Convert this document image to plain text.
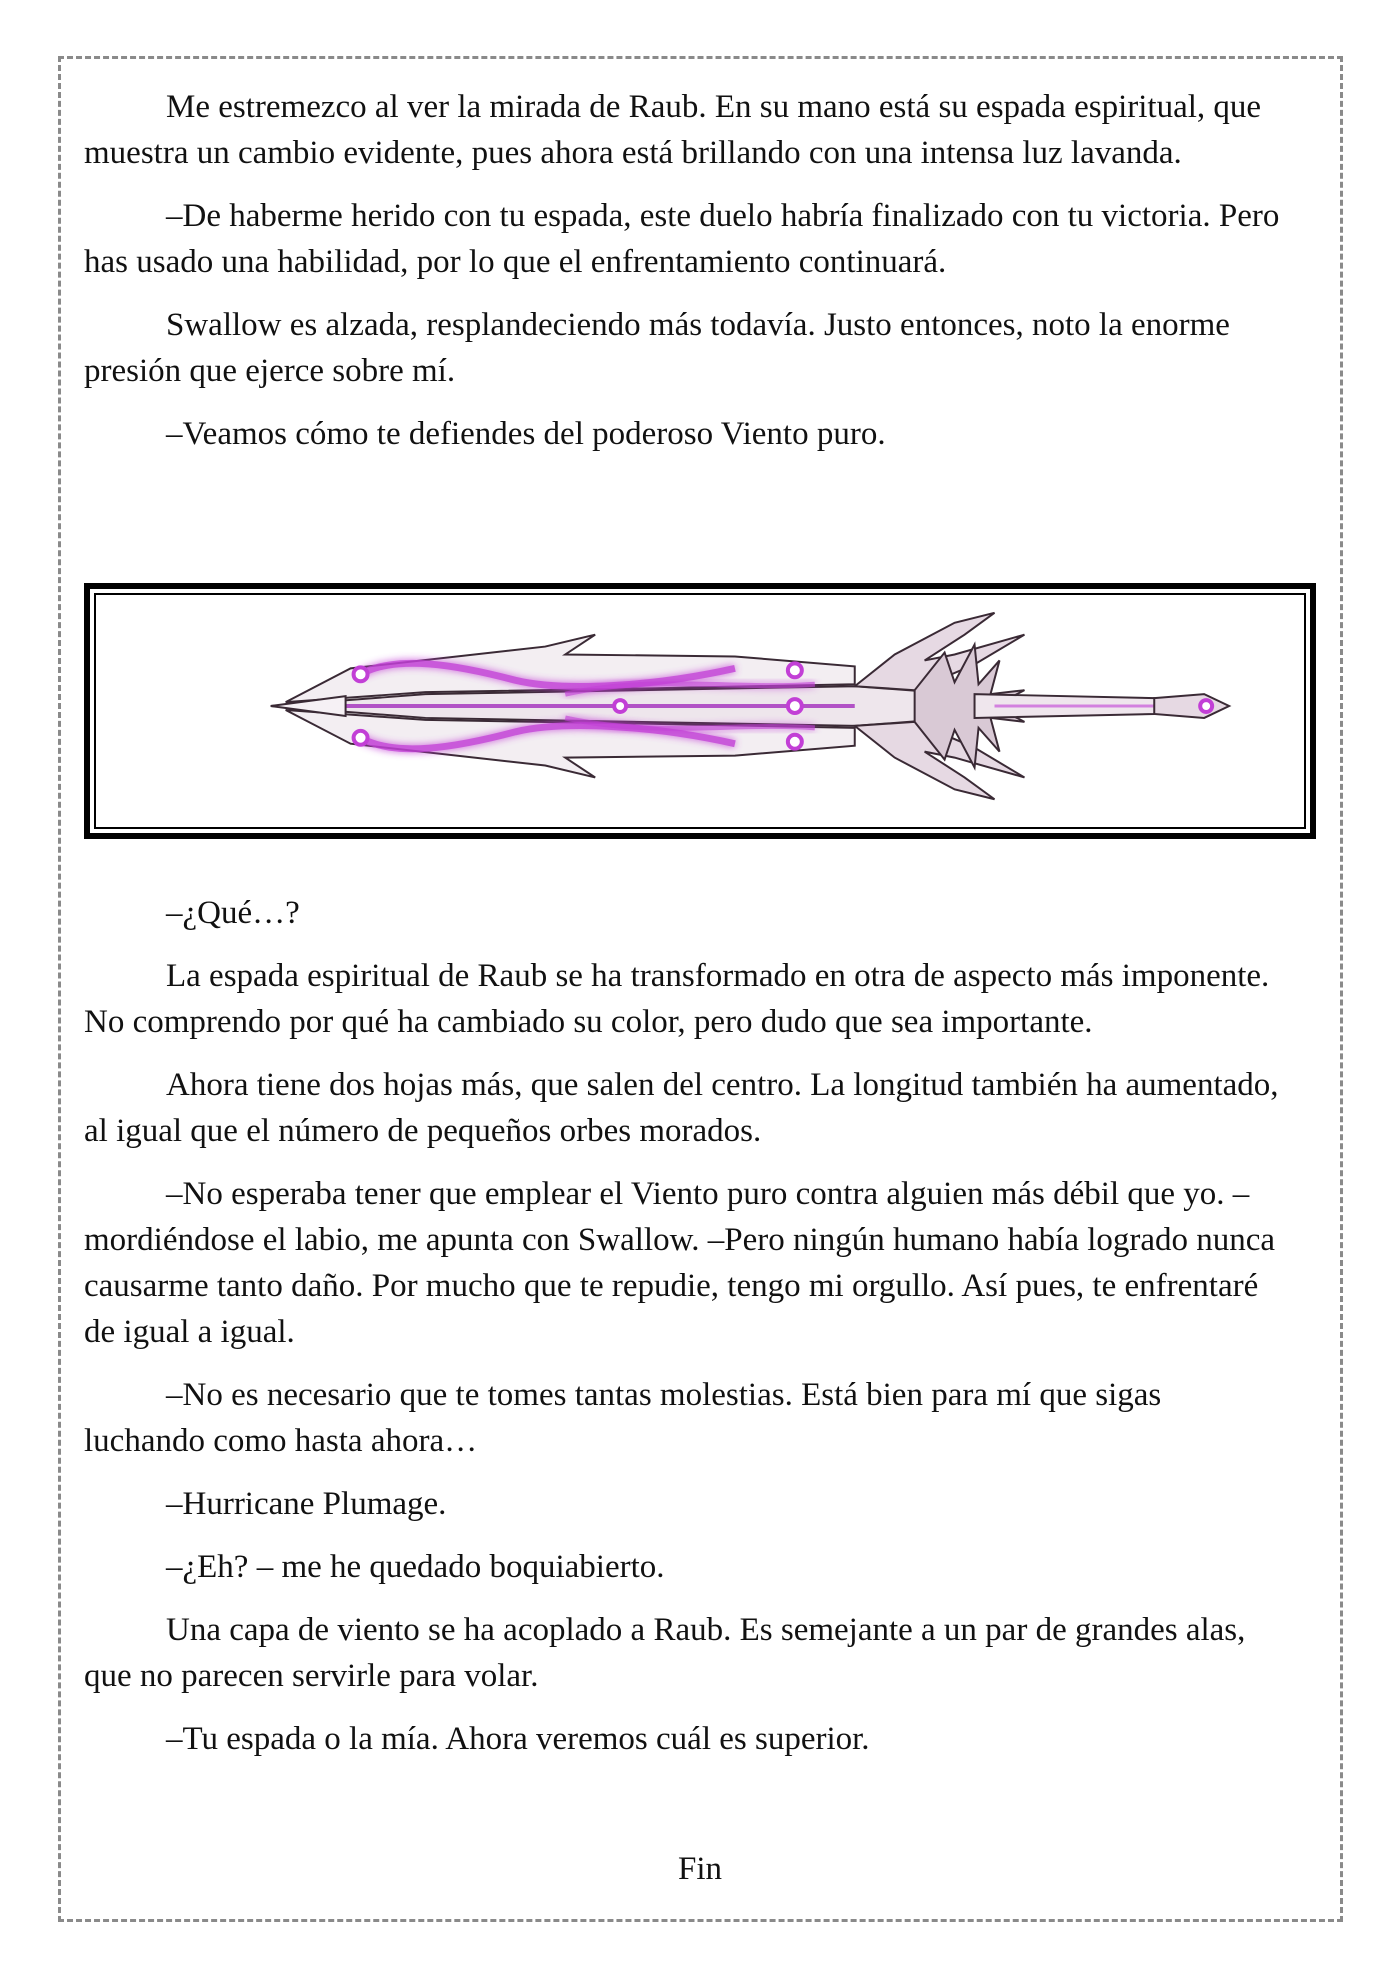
Me estremezco al ver la mirada de Raub. En su mano está su espada espiritual, que muestra un cambio evidente, pues ahora está brillando con una intensa luz lavanda.

–De haberme herido con tu espada, este duelo habría finalizado con tu victoria. Pero has usado una habilidad, por lo que el enfrentamiento continuará.

Swallow es alzada, resplandeciendo más todavía. Justo entonces, noto la enorme presión que ejerce sobre mí.

–Veamos cómo te defiendes del poderoso Viento puro.

–¿Qué…?

La espada espiritual de Raub se ha transformado en otra de aspecto más imponente. No comprendo por qué ha cambiado su color, pero dudo que sea importante.

Ahora tiene dos hojas más, que salen del centro. La longitud también ha aumentado, al igual que el número de pequeños orbes morados.

–No esperaba tener que emplear el Viento puro contra alguien más débil que yo. – mordiéndose el labio, me apunta con Swallow. –Pero ningún humano había logrado nunca causarme tanto daño. Por mucho que te repudie, tengo mi orgullo. Así pues, te enfrentaré de igual a igual.

–No es necesario que te tomes tantas molestias. Está bien para mí que sigas luchando como hasta ahora…

–Hurricane Plumage.

–¿Eh? – me he quedado boquiabierto.

Una capa de viento se ha acoplado a Raub. Es semejante a un par de grandes alas, que no parecen servirle para volar.

–Tu espada o la mía. Ahora veremos cuál es superior.

Fin
